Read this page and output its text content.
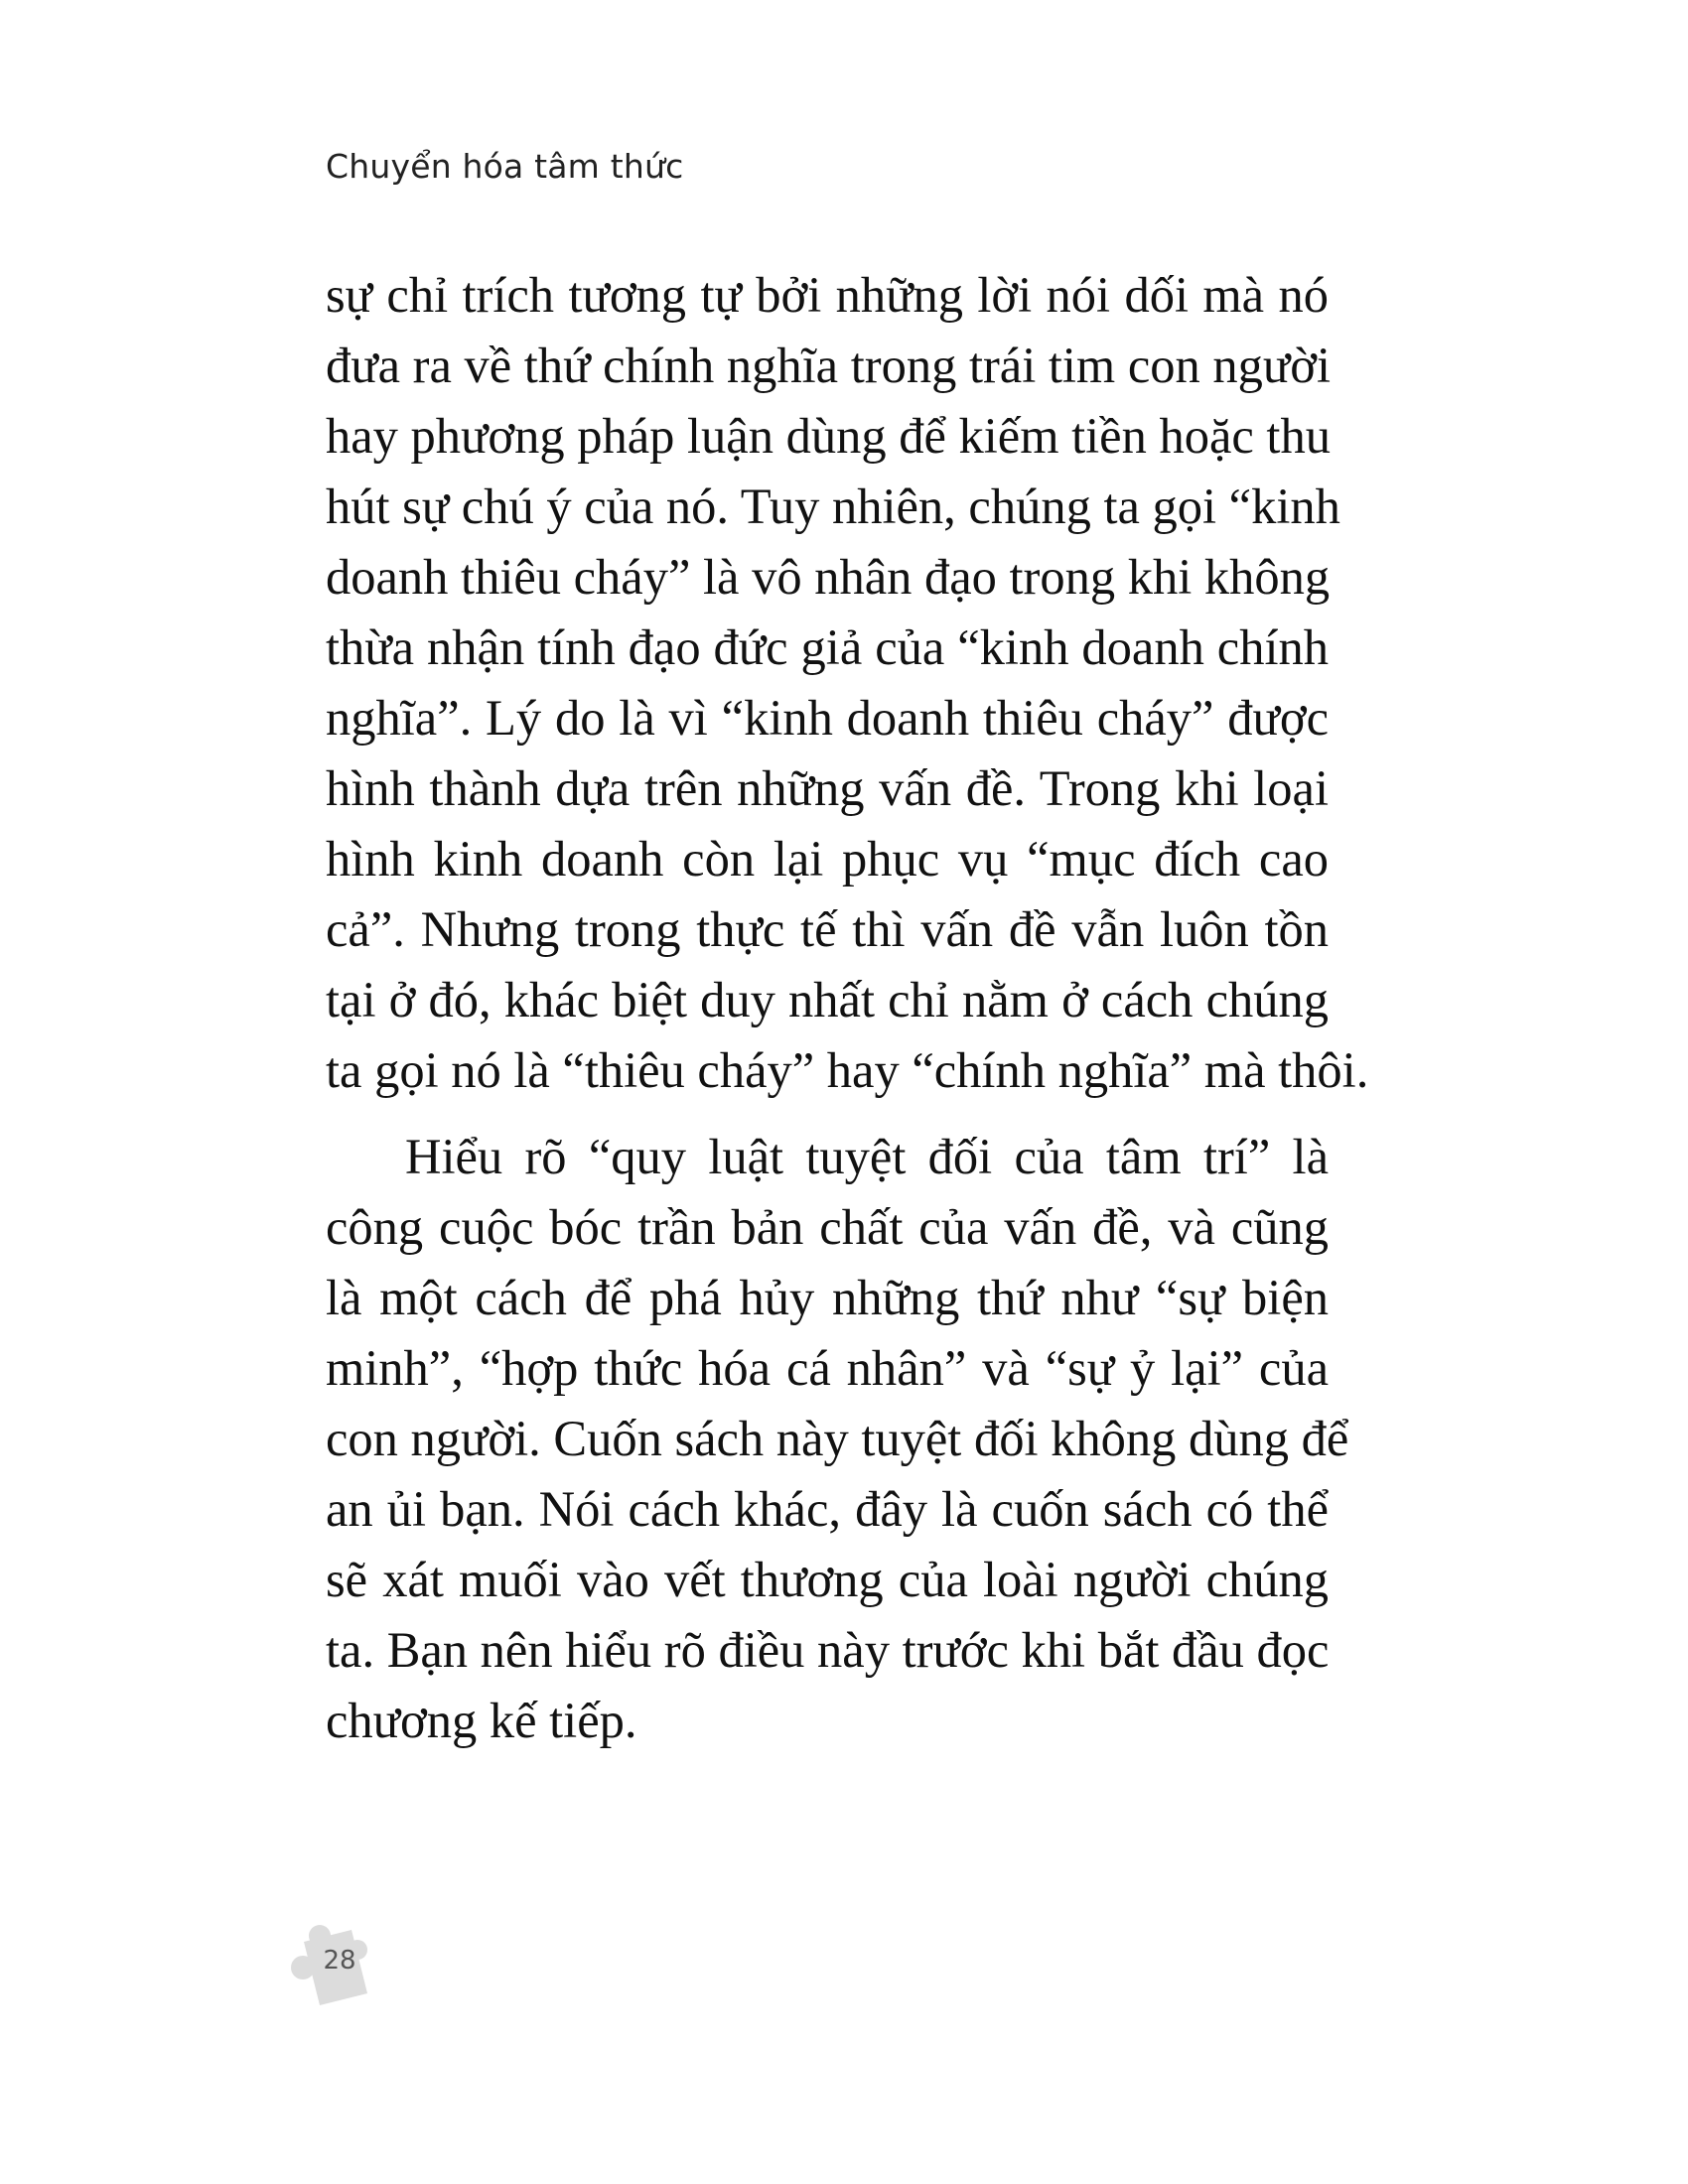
Chuyển hóa tâm thức
sự chỉ trích tương tự bởi những lời nói dối mà nó
đưa ra về thứ chính nghĩa trong trái tim con người
hay phương pháp luận dùng để kiếm tiền hoặc thu
hút sự chú ý của nó. Tuy nhiên, chúng ta gọi “kinh
doanh thiêu cháy” là vô nhân đạo trong khi không
thừa nhận tính đạo đức giả của “kinh doanh chính
nghĩa”. Lý do là vì “kinh doanh thiêu cháy” được
hình thành dựa trên những vấn đề. Trong khi loại
hình kinh doanh còn lại phục vụ “mục đích cao
cả”. Nhưng trong thực tế thì vấn đề vẫn luôn tồn
tại ở đó, khác biệt duy nhất chỉ nằm ở cách chúng
ta gọi nó là “thiêu cháy” hay “chính nghĩa” mà thôi.
Hiểu rõ “quy luật tuyệt đối của tâm trí” là
công cuộc bóc trần bản chất của vấn đề, và cũng
là một cách để phá hủy những thứ như “sự biện
minh”, “hợp thức hóa cá nhân” và “sự ỷ lại” của
con người. Cuốn sách này tuyệt đối không dùng để
an ủi bạn. Nói cách khác, đây là cuốn sách có thể
sẽ xát muối vào vết thương của loài người chúng
ta. Bạn nên hiểu rõ điều này trước khi bắt đầu đọc
chương kế tiếp.
28
